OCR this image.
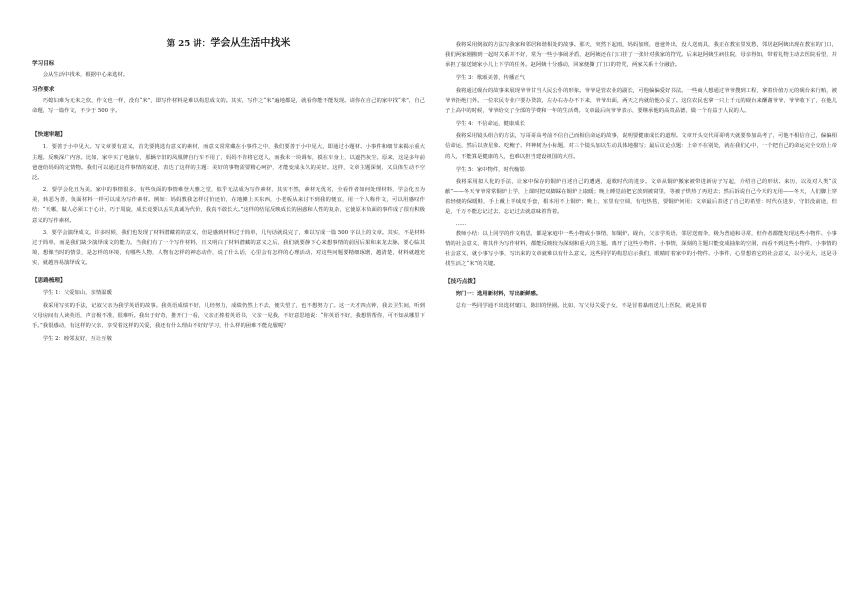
第 25 讲：学会从生活中找米
学习目标

会从生活中找米，根据中心来选材。

习作要求

巧媳妇难为无米之炊，作文也一样，没有“米”，即写作材料是难以构思成文的。其实，写作之“米”遍地都是，就看你能不能发现。请你在自己的家中找“米”，自己命题，写一篇作文，不少于 500 字。

【快速审题】

1．要善于小中见大。写文章要有意义，首先要挑选有意义的素材，而意义常常藏在小事件之中，我们要善于小中见大，即通过小题材、小事件和细节来揭示重大主题、反映深广内容。比如，家中买了电脑车，那辆辛旧的凤凰牌自行车不用了，妈妈不肯将它送人，而我未一块调布，摸在车身上，以遮挡灰尘。原来，这是多年前爸爸给妈妈的定情物。我们可以通过这件事情的叙述，表达了这样的主题：美好的事物需要精心呵护，才能变成永久的美好。这样，文章主题深刻，又具体生动不空泛。

2．要学会化丑为美。家中的事情很多，有些负面的事情难登大雅之堂，似乎无法成为写作素材，其实不然，素材无优劣，全看作者如何处理材料，学会化丑为美，转恶为善，负面材料一样可以成为写作素材。例如：妈妈教我怎样讨价还价，在地摊上买东西，小老板从来讨不到我的便宜，用一个人称作文，可以用感叹作结：“天哪，做人必须工于心计，巧于周旋，成长竟要以丢失真诚为代价，我真不敢长大。”这样的结尾反映成长的困惑和人性的复杂，它使原本负面的事件成了很有积极意义的写作素材。

3．要学会演绎成文。许多时候，我们也发现了材料潜藏着的意义，但是感到材料过于简单，几句话就说完了，难以写成一篇 500 字以上的文章。其实，不是材料过于简单，而是我们缺少演绎成文的能力。当我们有了一个写作材料，且又明白了材料潜藏的意义之后，我们就要静下心来想事情的前因后果和来龙去脉，要心临其境，想像当时的情景，是怎样的环境，有哪些人物，人物有怎样的神态动作，说了什么话，心里会有怎样的心理活动，对这些问题要精细琢磨，越清楚，材料就越充实，就越容易演绎成文。

【思路梳理】
学生 1：父爱如山，亲情温暖

我采用写实的手法，记叙父亲为我学英语的故事。我英语成绩不好，几经努力，成绩仍然上不去，便失望了，也不想努力了。这一天才四点钟，我去卫生间，听到父母房间有人读英语，声音极不准，很难听。我出于好奇，推开门一看，父亲正捧着英语书，父亲一见我，不好意思地说：“你英语不好，我想帮帮你，可不知从哪里下手。”我很感动，有这样的父亲，享受着这样的关爱，我还有什么理由不好好学习，什么样的困难不能克服呢？

学生 2：睦邻友好，互让互敬

我将采用倒叙的方法写我家和邻居和谐相处的故事。那天，突然下起雨，妈妈加班，爸爸外出，没人送雨具，我正在教室里发愁，邻居赵阿姨出现在教室的门口，我们两家刚搬到一起时关系并不好，常为一些小事闹矛盾，赵阿姨还在门口挂了一张针对我家的符咒。后来赵阿姨生病住院，母亲得知，带着礼物主动去医院看望，并承担了接送她家小儿上下学的任务。赵阿姨十分感动，回家便撕了门口的符咒，两家关系十分融洽。

学生 3：歌颂美善，传播正气

我将通过砚台的故事来展现爷爷甘当人民公仆的形象。爷爷是管农业的副长，可他偏偏爱好书法。一些商人想通过爷爷搜到工程，拿着价值万元的砚台来行贿，被爷爷拒绝门外。一位农民专业户要办贷款，左办右办办不下来，爷爷出面，两天之内就给他办妥了。这位农民也拿一只上千元的砚台来酬谢爷爷，爷爷收下了，在他儿子上高中的时候，爷爷给交了全部的学费和一年的生活费。文章最后向爷爷表示，要继承他的高贵品德，做一个有益于人民的人。

学生 4：不信命运，健康成长

我将采用镜头组合的方法，写哥哥高考前不信自己而相信命运的故事，说明要健康成长的道理。文章开头交代哥哥明天就要参加高考了，可他不相信自己，偏偏相信命运，然后以查星象、吃鲍子、拜神树为小标题，对三个镜头加以生动具体地描写；最后议论点题：上帝不在别处，就在我们心中，一个把自己的命运完全交给上帝的人，不能算是健康的人，也难以担当建设祖国的大任。

学生 5：家中物件，时代缩影

我将采用拟人化的手法，让家中保存的铜炉自述自己的遭遇，退歌时代的进步。文章从铜炉搬家被带进新房子写起，介绍自己的形状、来历，以及对人类“贡献”——冬天爷爷常常铜炉上学，上课时把双脚踩在铜炉上取暖；晚上睡觉前把它放到被窝里，等被子烘热了再进去；然后诉说自己今天的无用——冬天，人们脚上穿着轻便的保暖鞋，手上戴上羊绒皮手套，根本用不上铜炉；晚上，室里有空调，有电热毯，要铜炉何用；文章最后表述了自己的希望：时代在进步，守旧没前途，但是，千万不能忘记过去，忘记过去就意味着背着。

……

教师小结：以上同学的作文构思，都是家庭中一些小物或小事情，如铜炉、砚台，父亲学英语，邻居送雨伞，极为普通和寻常，但作者都能发现这些小物件、小事情的社会意义，将其作为写作材料，都能反映较为深刻和重大的主题。离开了这些小物件、小事情，深刻的主题只能变成抽象的空洞，而看不到这些小物件、小事情的社会意义，就小事写小事，写出来的文章就难以有什么意义。这些同学的构思启示我们，眼睛盯着家中的小物件、小事件，心里想着它的社会意义，以小见大，这是寻找生活之“米”的关键。

【技巧点拨】
窍门一：选用新材料，写出新鲜感。

总有一些同学通不出选材窠臼，陈旧的怪圈。比如，写父母关爱子女，不是冒着暴雨送儿上医院，就是顶着
